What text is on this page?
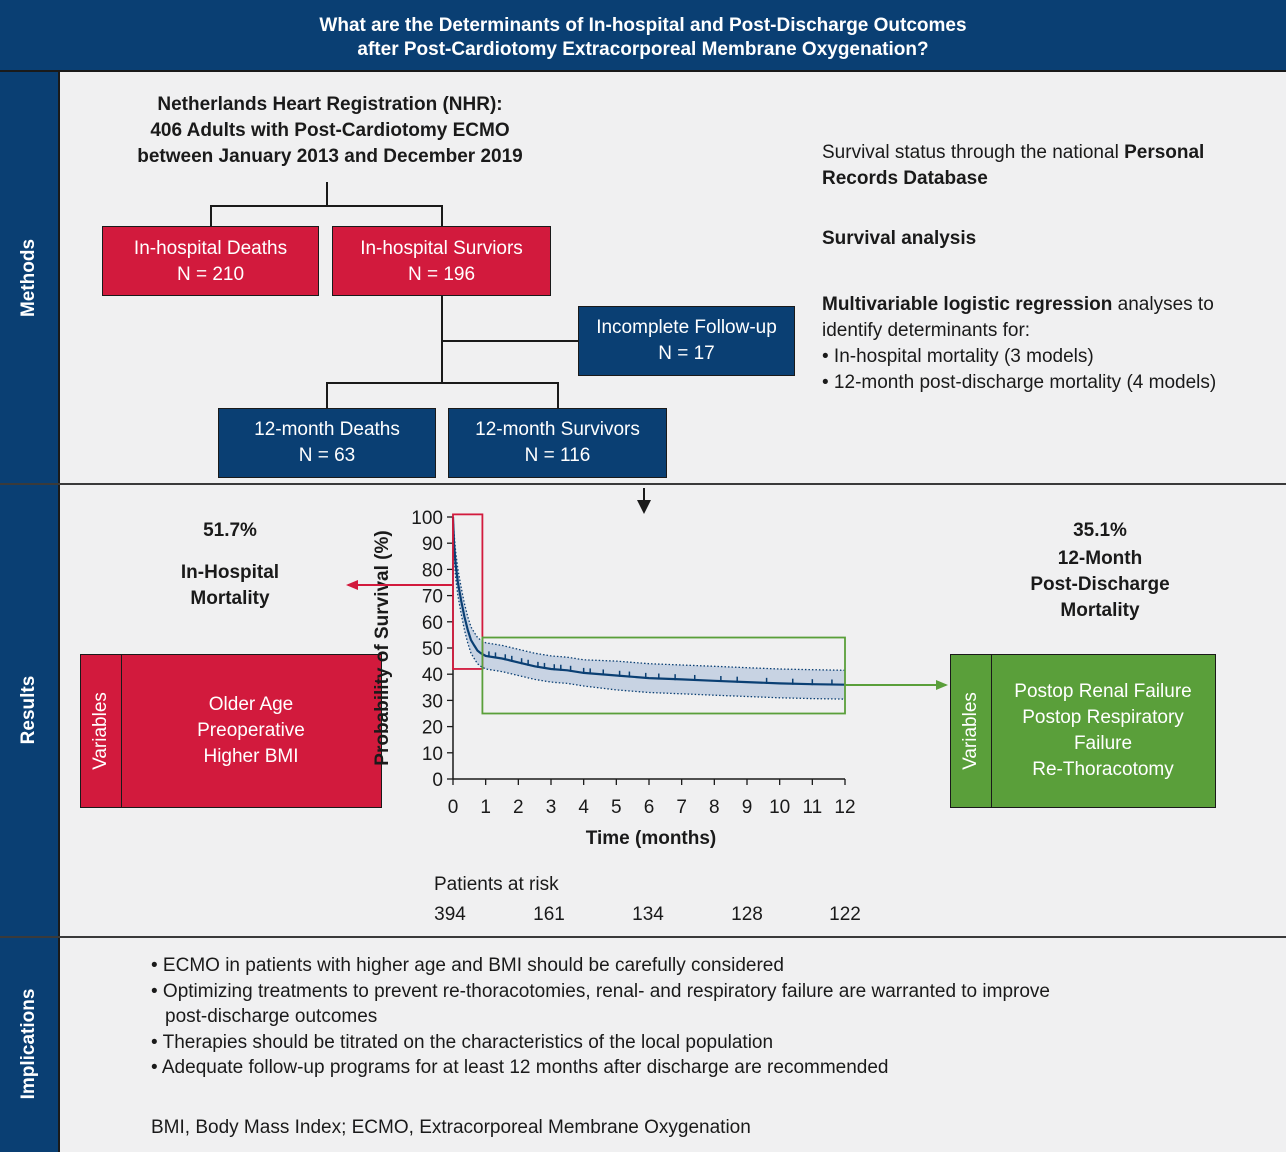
What are the Determinants of In-hospital and Post-Discharge Outcomes
after Post-Cardiotomy Extracorporeal Membrane Oxygenation?
Methods
Results
Implications
Netherlands Heart Registration (NHR):
406 Adults with Post-Cardiotomy ECMO
between January 2013 and December 2019
In-hospital Deaths
N = 210
In-hospital Surviors
N = 196
Incomplete Follow-up
N = 17
12-month Deaths
N = 63
12-month Survivors
N = 116
Survival status through the national Personal
Records Database
Survival analysis
Multivariable logistic regression analyses to
identify determinants for:
• In-hospital mortality (3 models)
• 12-month post-discharge mortality (4 models)
51.7%
In-Hospital
Mortality
35.1%
12-Month
Post-Discharge
Mortality
Variables	Older Age
Preoperative
Higher BMI	Variables
Postop Renal Failure
Postop Respiratory
Failure
Re-Thoracotomy
0
10
20
30
40
50
60
70
80
90
100
0 1 2 3 4 5 6 7 8 9 10 11 12
Probability of Survival (%)
Time (months)
Patients at risk
394	161	134	128	122
• ECMO in patients with higher age and BMI should be carefully considered
• Optimizing treatments to prevent re-thoracotomies, renal- and respiratory failure are warranted to improve post-discharge outcomes
• Therapies should be titrated on the characteristics of the local population
• Adequate follow-up programs for at least 12 months after discharge are recommended
BMI, Body Mass Index; ECMO, Extracorporeal Membrane Oxygenation
